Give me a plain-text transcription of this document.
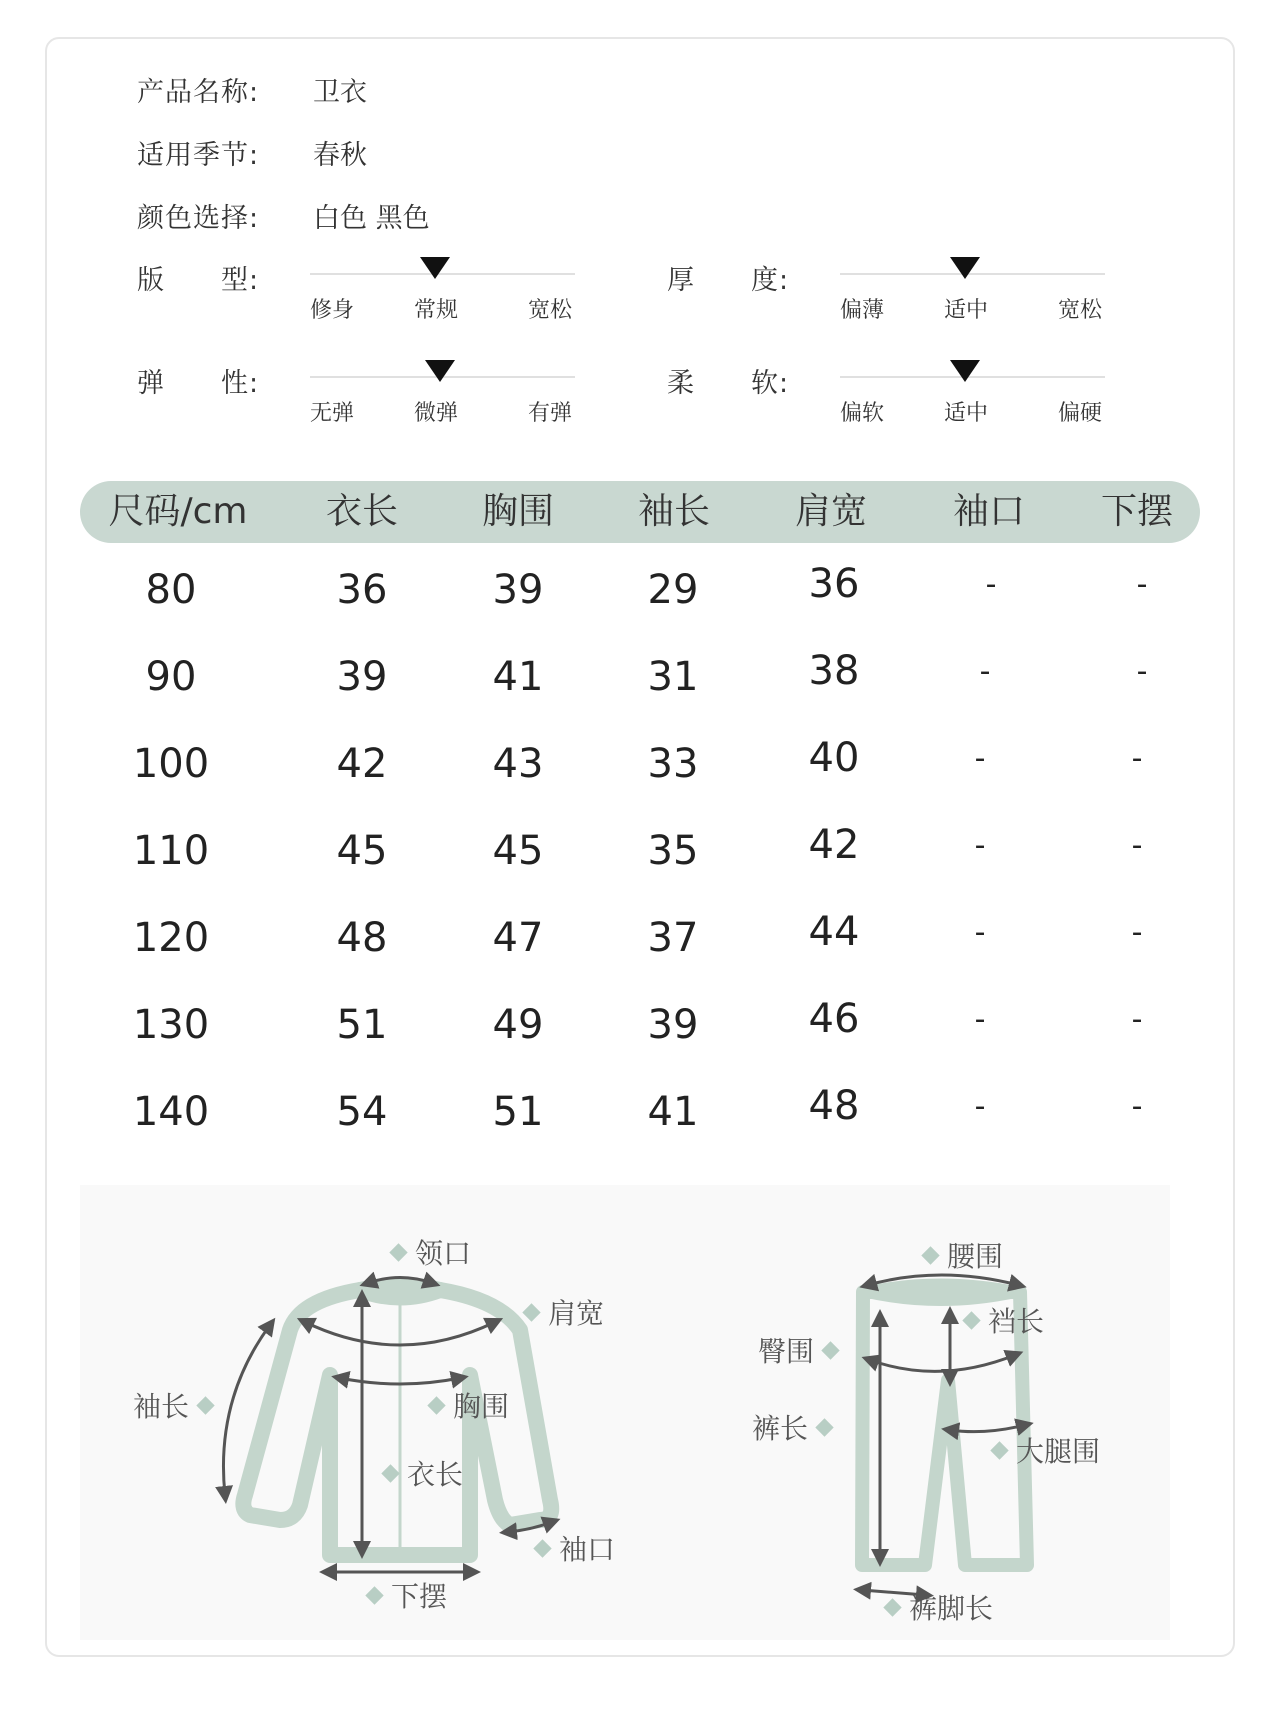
产品名称: 卫衣
适用季节: 春秋
颜色选择: 白色 黑色
版　　型:
修身	常规	宽松
厚　　度:
偏薄	适中	宽松
弹　　性:
无弹	微弹	有弹
柔　　软:
偏软	适中	偏硬
尺码/cm 衣长 胸围 袖长 肩宽 袖口 下摆
80	36	39	29	36	-	-
90	39	41	31	38	-	-
100	42	43	33	40	-	-
110	45	45	35	42	-	-
120	48	47	37	44	-	-
130	51	49	39	46	-	-
140	54	51	41	48	-	-
领口
肩宽
袖长	胸围
衣长
袖口
下摆
腰围
裆长
臀围
裤长
大腿围
裤脚长
